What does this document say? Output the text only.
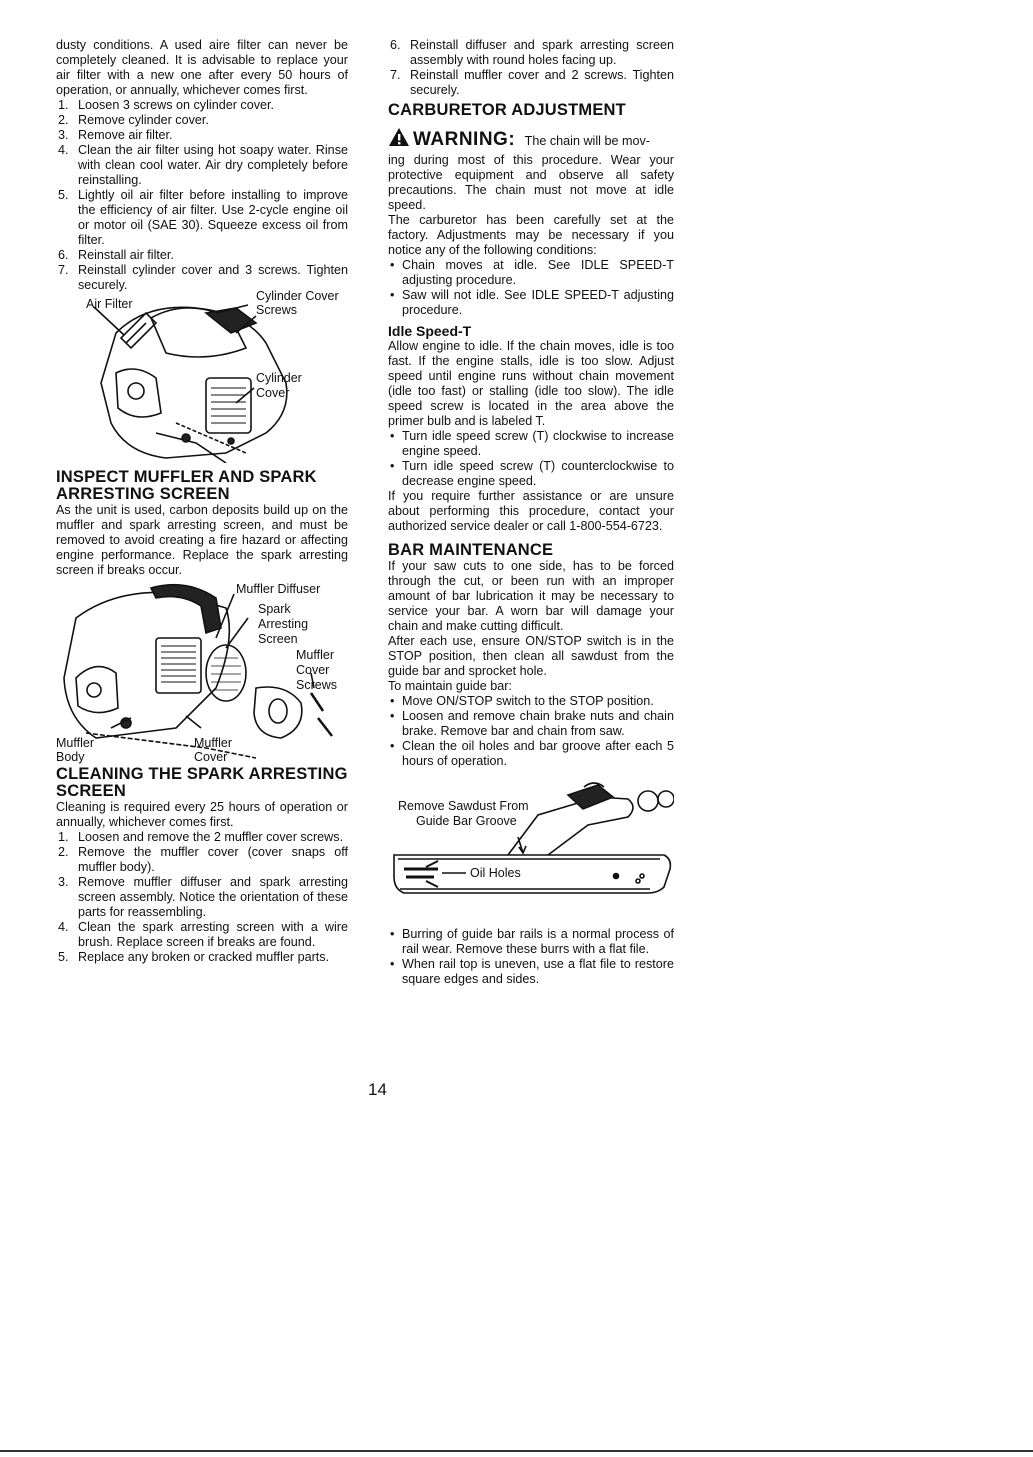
dusty conditions. A used aire filter can never be completely cleaned. It is advisable to replace your air filter with a new one after every 50 hours of operation, or annually, whichever comes first.

1. Loosen 3 screws on cylinder cover.
2. Remove cylinder cover.
3. Remove air filter.
4. Clean the air filter using hot soapy water. Rinse with clean cool water. Air dry completely before reinstalling.
5. Lightly oil air filter before installing to improve the efficiency of air filter. Use 2-cycle engine oil or motor oil (SAE 30). Squeeze excess oil from filter.
6. Reinstall air filter.
7. Reinstall cylinder cover and 3 screws. Tighten securely.
Air Filter
Cylinder Cover
Screws
Cylinder
Cover
INSPECT MUFFLER AND SPARK ARRESTING SCREEN

As the unit is used, carbon deposits build up on the muffler and spark arresting screen, and must be removed to avoid creating a fire hazard or affecting engine performance. Replace the spark arresting screen if breaks occur.

Muffler Diffuser
Spark
Arresting
Screen
Muffler
Cover
Screws
Muffler
Body
Muffler
Cover
CLEANING THE SPARK ARRESTING SCREEN

Cleaning is required every 25 hours of operation or annually, whichever comes first.

1. Loosen and remove the 2 muffler cover screws.
2. Remove the muffler cover (cover snaps off muffler body).
3. Remove muffler diffuser and spark arresting screen assembly. Notice the orientation of these parts for reassembling.
4. Clean the spark arresting screen with a wire brush. Replace screen if breaks are found.
5. Replace any broken or cracked muffler parts.
6. Reinstall diffuser and spark arresting screen assembly with round holes facing up.
7. Reinstall muffler cover and 2 screws. Tighten securely.
CARBURETOR ADJUSTMENT
WARNING: The chain will be mov-

ing during most of this procedure. Wear your protective equipment and observe all safety precautions. The chain must not move at idle speed.

The carburetor has been carefully set at the factory. Adjustments may be necessary if you notice any of the following conditions:

• Chain moves at idle. See IDLE SPEED-T adjusting procedure.
• Saw will not idle. See IDLE SPEED-T adjusting procedure.
Idle Speed-T

Allow engine to idle. If the chain moves, idle is too fast. If the engine stalls, idle is too slow. Adjust speed until engine runs without chain movement (idle too fast) or stalling (idle too slow). The idle speed screw is located in the area above the primer bulb and is labeled T.

• Turn idle speed screw (T) clockwise to increase engine speed.
• Turn idle speed screw (T) counterclockwise to decrease engine speed.

If you require further assistance or are unsure about performing this procedure, contact your authorized service dealer or call 1-800-554-6723.

BAR MAINTENANCE

If your saw cuts to one side, has to be forced through the cut, or been run with an improper amount of bar lubrication it may be necessary to service your bar. A worn bar will damage your chain and make cutting difficult.

After each use, ensure ON/STOP switch is in the STOP position, then clean all sawdust from the guide bar and sprocket hole.

To maintain guide bar:

• Move ON/STOP switch to the STOP position.
• Loosen and remove chain brake nuts and chain brake. Remove bar and chain from saw.
• Clean the oil holes and bar groove after each 5 hours of operation.
Remove Sawdust From
Guide Bar Groove
Oil Holes
• Burring of guide bar rails is a normal process of rail wear. Remove these burrs with a flat file.
• When rail top is uneven, use a flat file to restore square edges and sides.
14
